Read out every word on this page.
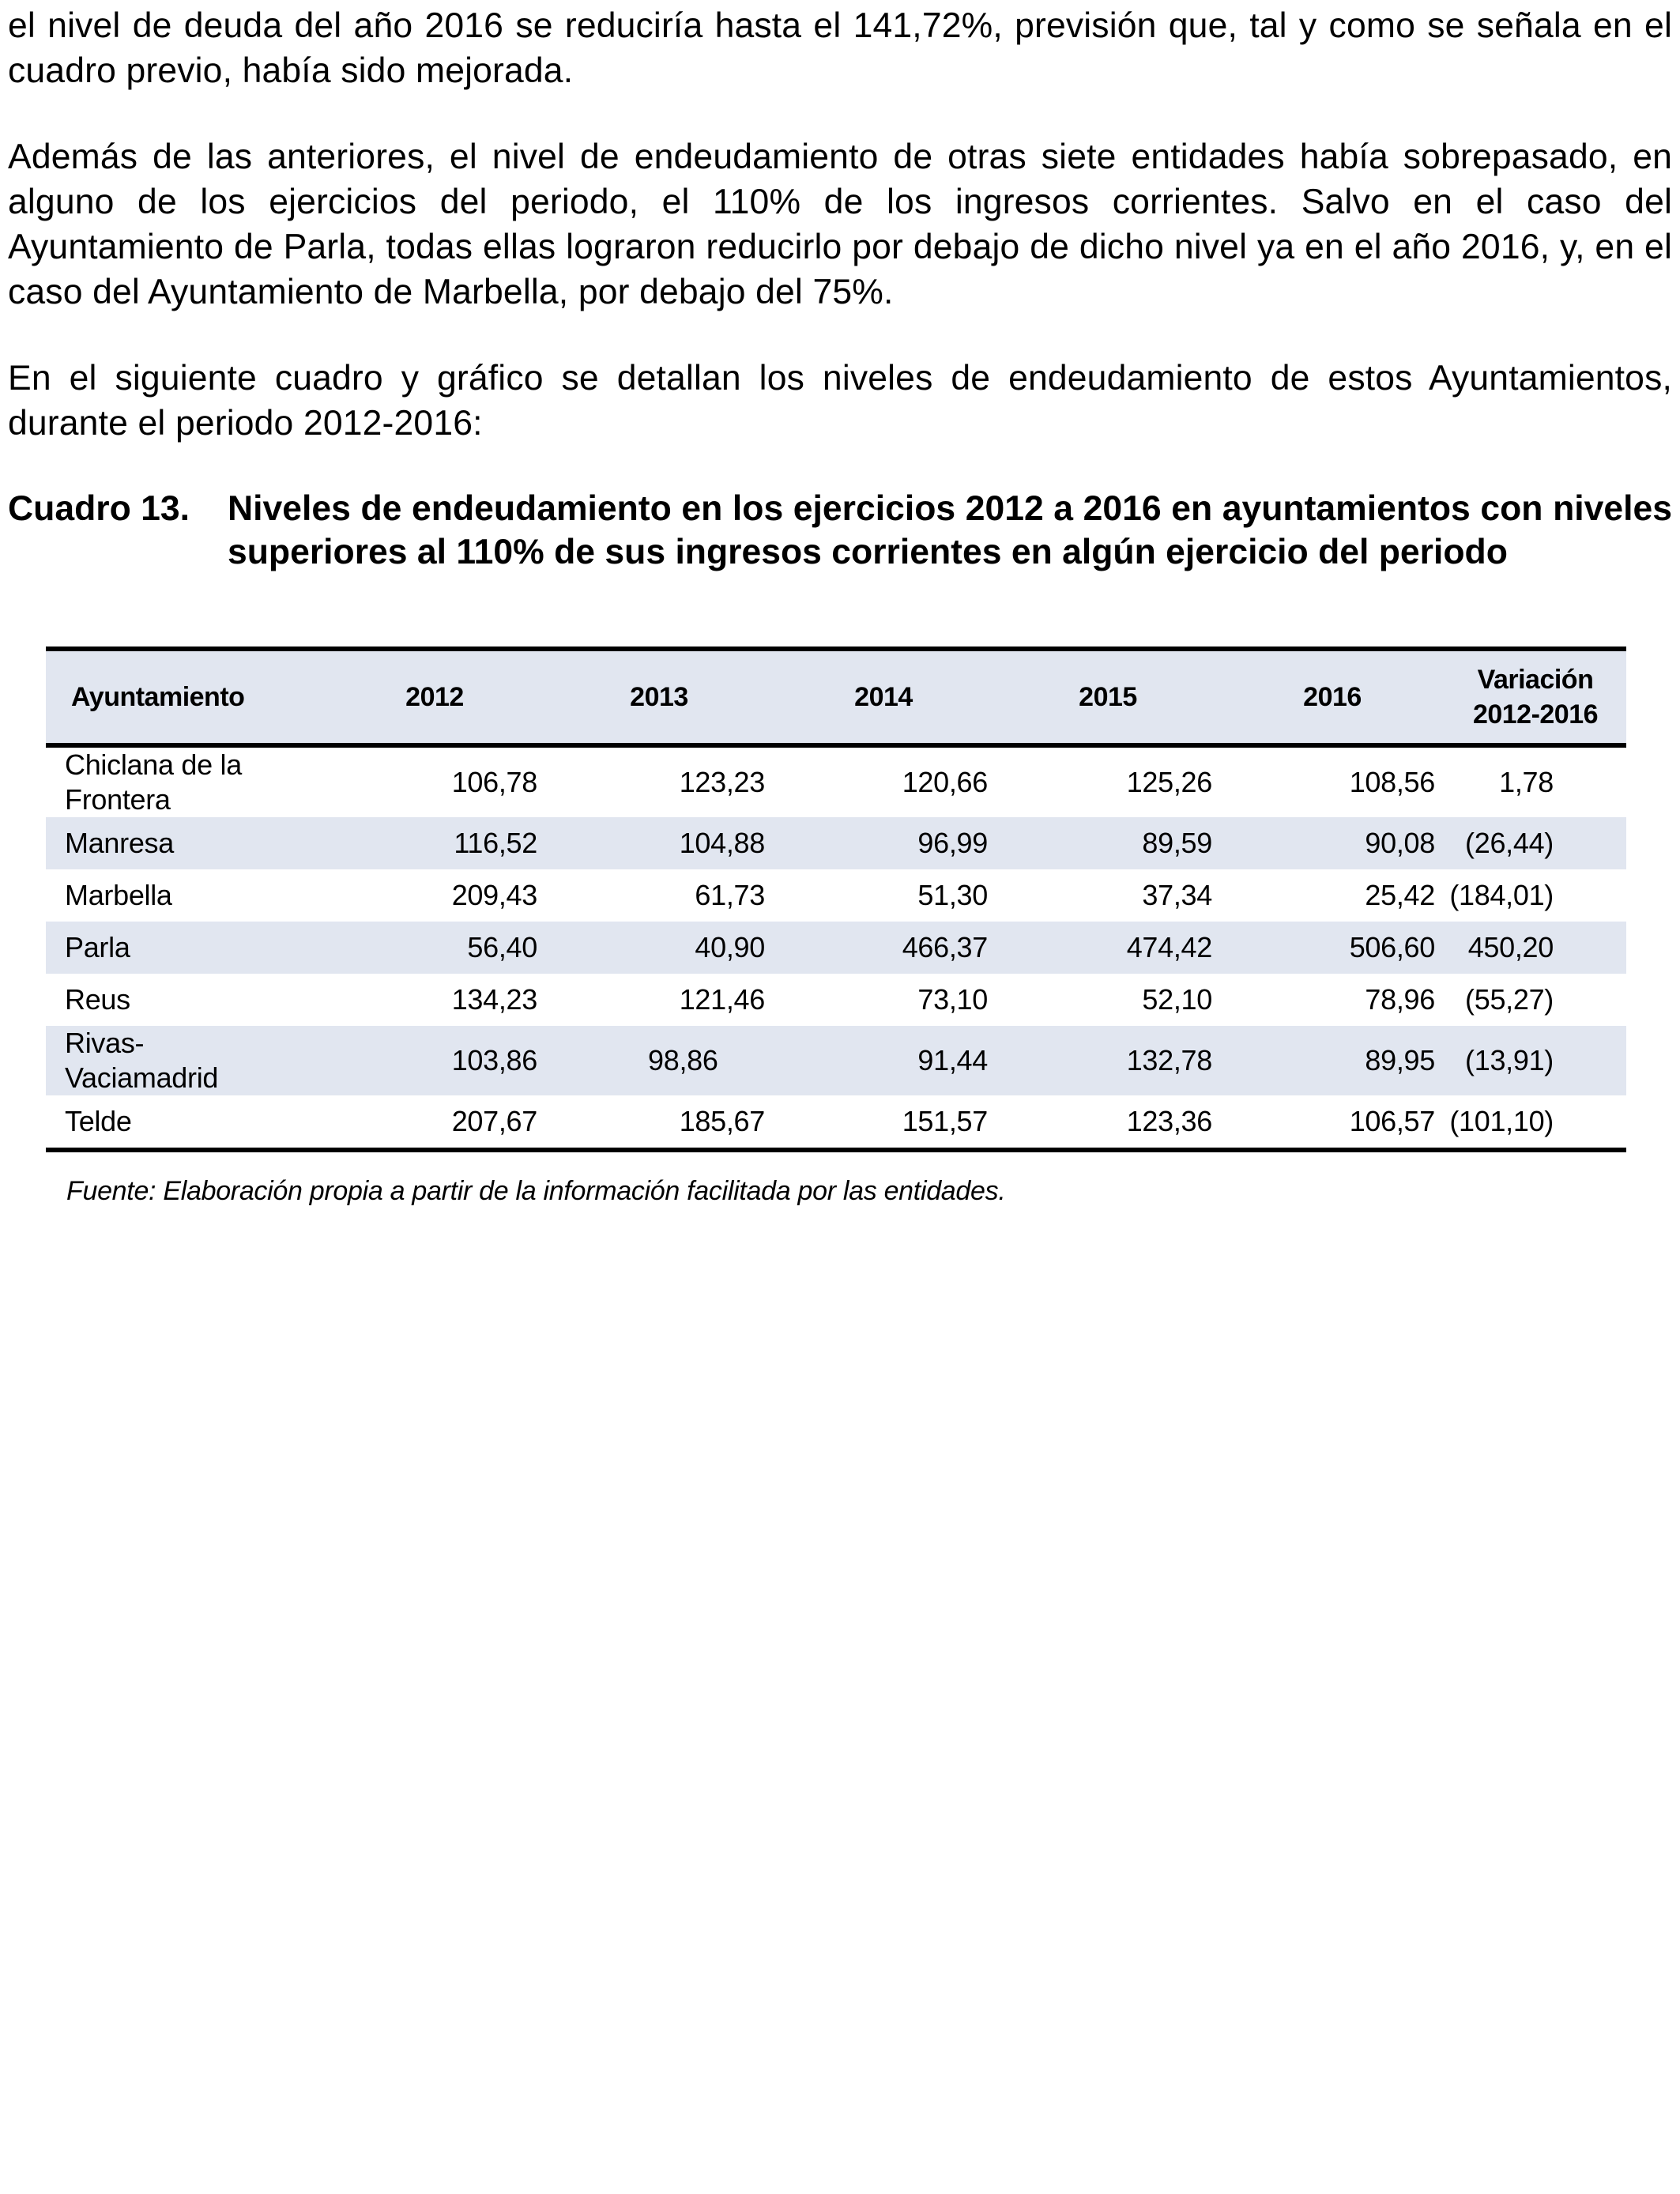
el nivel de deuda del año 2016 se reduciría hasta el 141,72%, previsión que, tal y como se señala en el cuadro previo, había sido mejorada.

Además de las anteriores, el nivel de endeudamiento de otras siete entidades había sobrepasado, en alguno de los ejercicios del periodo, el 110% de los ingresos corrientes. Salvo en el caso del Ayuntamiento de Parla, todas ellas lograron reducirlo por debajo de dicho nivel ya en el año 2016, y, en el caso del Ayuntamiento de Marbella, por debajo del 75%.

En el siguiente cuadro y gráfico se detallan los niveles de endeudamiento de estos Ayuntamientos, durante el periodo 2012-2016:

Cuadro 13.	Niveles de endeudamiento en los ejercicios 2012 a 2016 en ayuntamientos con niveles superiores al 110% de sus ingresos corrientes en algún ejercicio del periodo
Ayuntamiento	2012	2013	2014	2015	2016	Variación
2012-2016

Chiclana de la
Frontera	106,78	123,23	120,66	125,26	108,56	1,78
Manresa	116,52	104,88	96,99	89,59	90,08	(26,44)
Marbella	209,43	61,73	51,30	37,34	25,42	(184,01)
Parla	56,40	40,90	466,37	474,42	506,60	450,20
Reus	134,23	121,46	73,10	52,10	78,96	(55,27)

Rivas-
Vaciamadrid	103,86	98,86	91,44	132,78	89,95	(13,91)
Telde	207,67	185,67	151,57	123,36	106,57	(101,10)
Fuente: Elaboración propia a partir de la información facilitada por las entidades.
